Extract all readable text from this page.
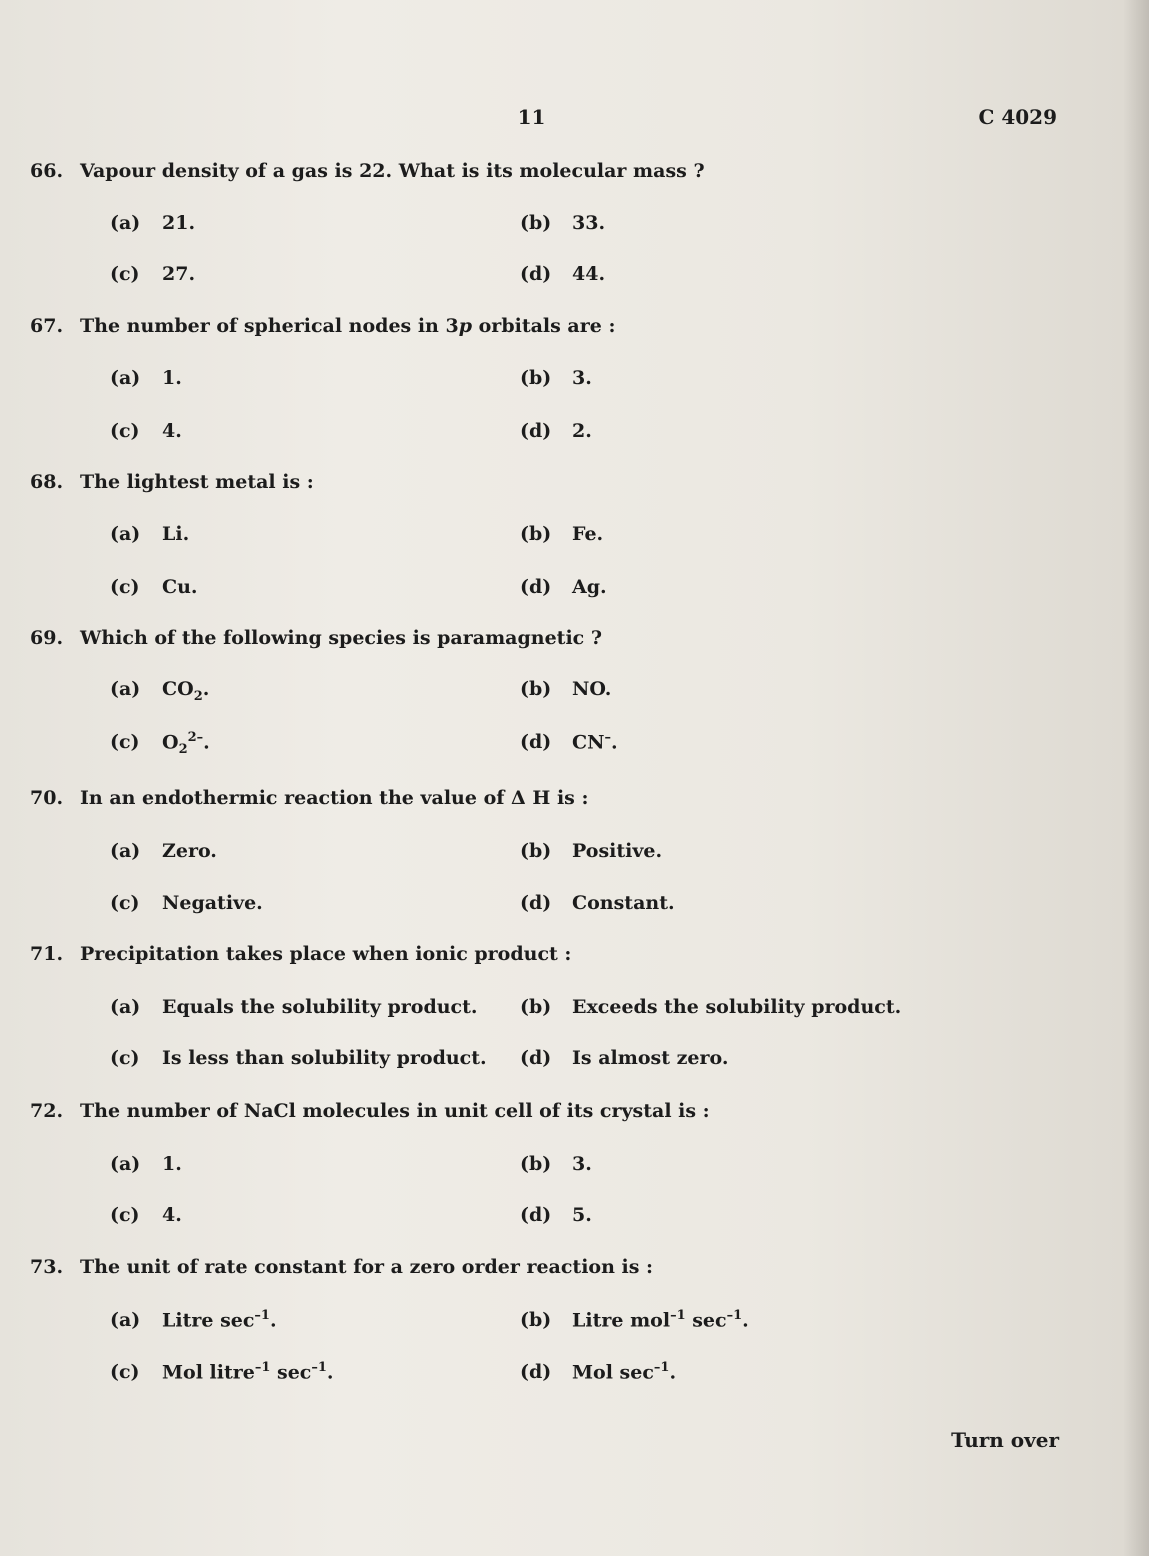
11	C 4029
66. Vapour density of a gas is 22. What is its molecular mass ?
(a) 21.	(b) 33.
(c) 27.	(d) 44.
67. The number of spherical nodes in 3p orbitals are :
(a) 1.	(b) 3.
(c) 4.	(d) 2.
68. The lightest metal is :
(a) Li.	(b) Fe.
(c) Cu.	(d) Ag.
69. Which of the following species is paramagnetic ?
(a) $CO_2$.	(b) NO.
(c) $O_2^{2-}$.	(d) CN–.
70. In an endothermic reaction the value of Δ H is :
(a) Zero.	(b) Positive.
(c) Negative.	(d) Constant.
71. Precipitation takes place when ionic product :
(a) Equals the solubility product. (b) Exceeds the solubility product.
(c) Is less than solubility product. (d) Is almost zero.
72. The number of NaCl molecules in unit cell of its crystal is :
(a) 1.	(b) 3.
(c) 4.	(d) 5.
73. The unit of rate constant for a zero order reaction is :
(a) Litre $\sec^{-1}$.	(b) Litre mol$^{-1}$ $\sec^{-1}$.
(c) Mol litre$^{-1}$ $\sec^{-1}$.	(d) Mol $\sec^{-1}$.
Turn over
